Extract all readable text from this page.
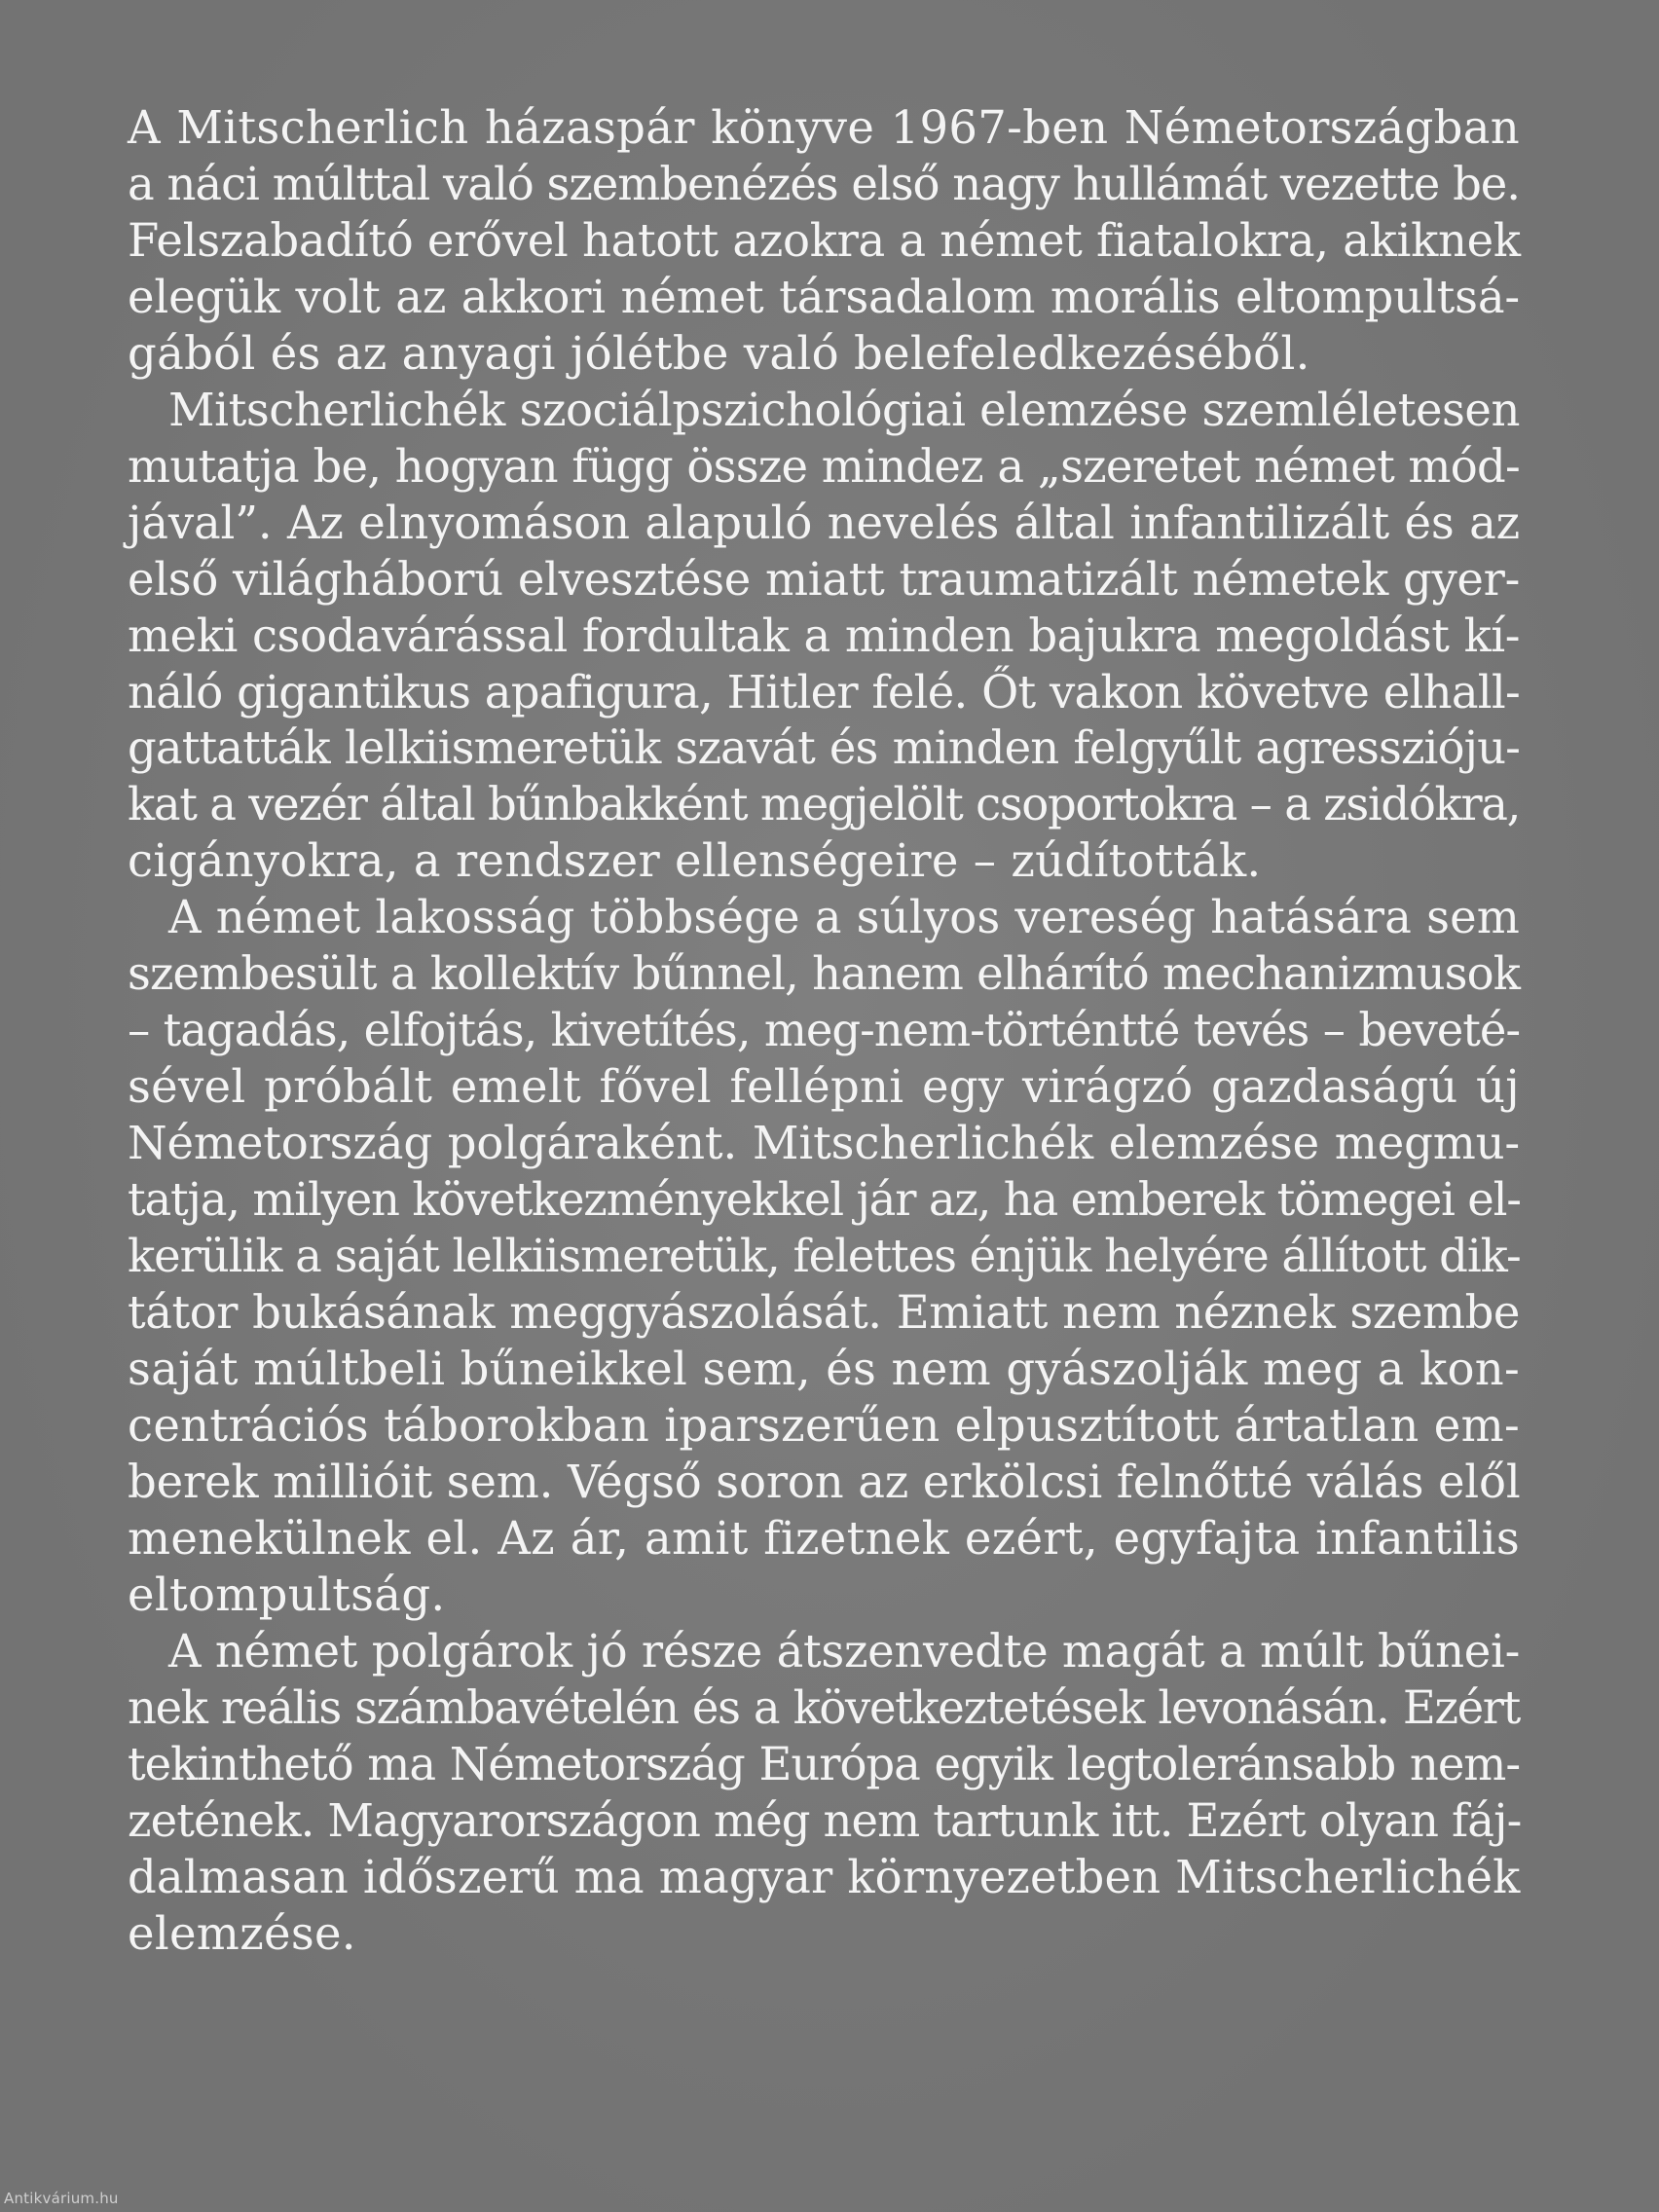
A Mitscherlich házaspár könyve 1967-ben Németországban
a náci múlttal való szembenézés első nagy hullámát vezette be.
Felszabadító erővel hatott azokra a német fiatalokra, akiknek
elegük volt az akkori német társadalom morális eltompultsá-
gából és az anyagi jólétbe való belefeledkezéséből.
Mitscherlichék szociálpszichológiai elemzése szemléletesen
mutatja be, hogyan függ össze mindez a „szeretet német mód-
jával”. Az elnyomáson alapuló nevelés által infantilizált és az
első világháború elvesztése miatt traumatizált németek gyer-
meki csodavárással fordultak a minden bajukra megoldást kí-
náló gigantikus apafigura, Hitler felé. Őt vakon követve elhall-
gattatták lelkiismeretük szavát és minden felgyűlt agresszióju-
kat a vezér által bűnbakként megjelölt csoportokra – a zsidókra,
cigányokra, a rendszer ellenségeire – zúdították.
A német lakosság többsége a súlyos vereség hatására sem
szembesült a kollektív bűnnel, hanem elhárító mechanizmusok
– tagadás, elfojtás, kivetítés, meg-nem-történtté tevés – beveté-
sével próbált emelt fővel fellépni egy virágzó gazdaságú új
Németország polgáraként. Mitscherlichék elemzése megmu-
tatja, milyen következményekkel jár az, ha emberek tömegei el-
kerülik a saját lelkiismeretük, felettes énjük helyére állított dik-
tátor bukásának meggyászolását. Emiatt nem néznek szembe
saját múltbeli bűneikkel sem, és nem gyászolják meg a kon-
centrációs táborokban iparszerűen elpusztított ártatlan em-
berek millióit sem. Végső soron az erkölcsi felnőtté válás elől
menekülnek el. Az ár, amit fizetnek ezért, egyfajta infantilis
eltompultság.
A német polgárok jó része átszenvedte magát a múlt bűnei-
nek reális számbavételén és a következtetések levonásán. Ezért
tekinthető ma Németország Európa egyik legtoleránsabb nem-
zetének. Magyarországon még nem tartunk itt. Ezért olyan fáj-
dalmasan időszerű ma magyar környezetben Mitscherlichék
elemzése.
Antikvárium.hu
